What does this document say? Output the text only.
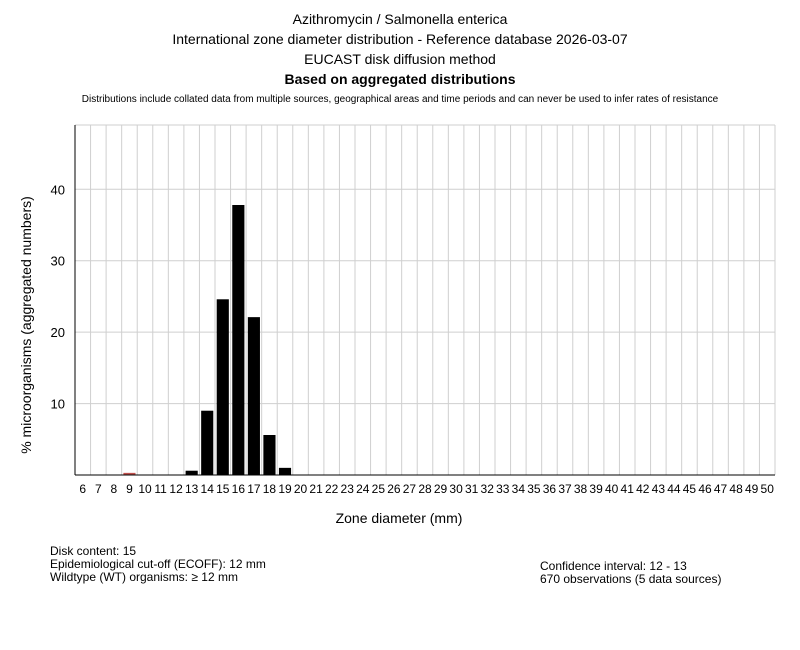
Azithromycin / Salmonella enterica
International zone diameter distribution - Reference database 2026-03-07
EUCAST disk diffusion method
Based on aggregated distributions
Distributions include collated data from multiple sources, geographical areas and time periods and can never be used to infer rates of resistance
10
20
30
40
6 7 8 9 10 11 12 13 14 15 16 17 18 19 20 21 22 23 24 25 26 27 28 29 30 31 32 33 34 35 36 37 38 39 40 41 42 43 44 45 46 47 48 49 50
Zone diameter (mm)
% microorganisms (aggregated numbers)
Disk content: 15
Epidemiological cut-off (ECOFF): 12 mm
Wildtype (WT) organisms: ≥ 12 mm
Confidence interval: 12 - 13
670 observations (5 data sources)
